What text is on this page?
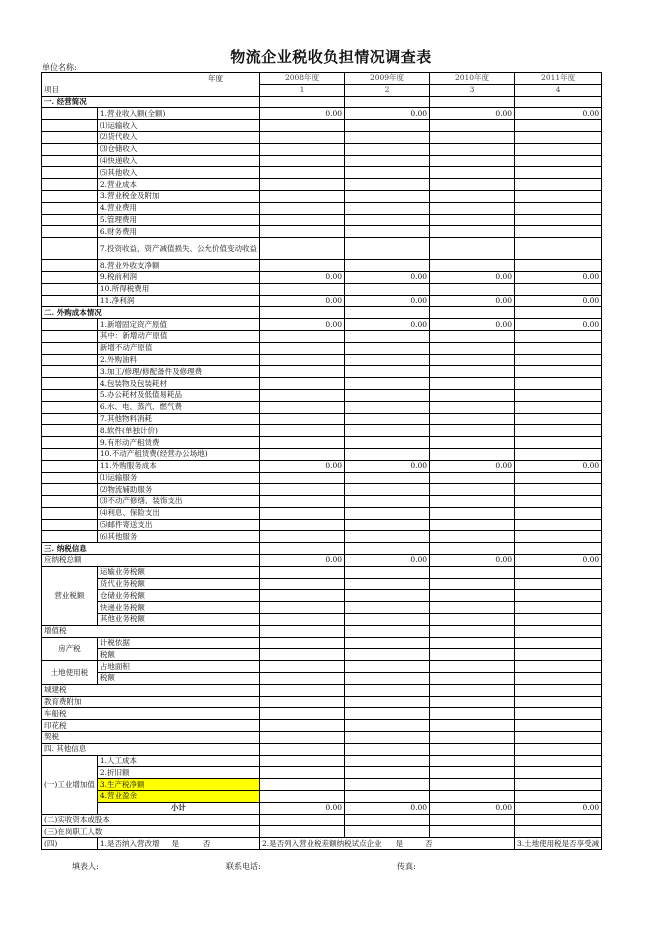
物流企业税收负担情况调查表
单位名称:
年度		2008年度	2009年度	2010年度	2011年度
项目		1	2	3	4
一. 经营简况					
	1.营业收入额(全额)	0.00	0.00	0.00	0.00
	⑴运输收入				
	⑵货代收入				
	⑶仓储收入				
	⑷快递收入				
	⑸其他收入				
	2.营业成本				
	3.营业税金及附加				
	4.营业费用				
	5.管理费用				
	6.财务费用				
	7.投资收益、资产减值损失、公允价值变动收益				
	8.营业外收支净额				
	9.税前利润	0.00	0.00	0.00	0.00
	10.所得税费用				
	11.净利润	0.00	0.00	0.00	0.00
二. 外购成本情况					
	1.新增固定资产原值	0.00	0.00	0.00	0.00
	其中：新增动产原值				
	新增不动产原值				
	2.外购油料				
	3.加工/修理/修配备件及修理费				
	4.包装物及包装耗材				
	5.办公耗材及低值易耗品				
	6.水、电、蒸汽、燃气费				
	7.其他物料消耗				
	8.软件(单独计价)				
	9.有形动产租赁费				
	10.不动产租赁费(经营办公场地)				
	11.外购服务成本	0.00	0.00	0.00	0.00
	⑴运输服务				
	⑵物流辅助服务				
	⑶不动产修缮、装饰支出				
	⑷利息、保险支出				
	⑸邮件寄送支出				
	⑹其他服务				
三. 纳税信息					
应纳税总额		0.00	0.00	0.00	0.00
营业税额	运输业务税额				
	货代业务税额				
	仓储业务税额				
	快递业务税额				
	其他业务税额				
增值税					
房产税	计税依据				
	税额				
土地使用税	占地面积				
	税额				
城建税					
教育费附加					
车船税					
印花税					
契税					
四. 其他信息					
(一)工业增加值	1.人工成本				
	2.折旧额				
	3.生产税净额				
	4.营业盈余				
	小计	0.00	0.00	0.00	0.00
(二)实收资本或股本					
(三)在岗职工人数					
(四)	1.是否纳入营改增 是 否	2.是否列入营业税差额纳税试点企业 是 否			3.土地使用税是否享受减
填表人:	联系电话:	传真:
